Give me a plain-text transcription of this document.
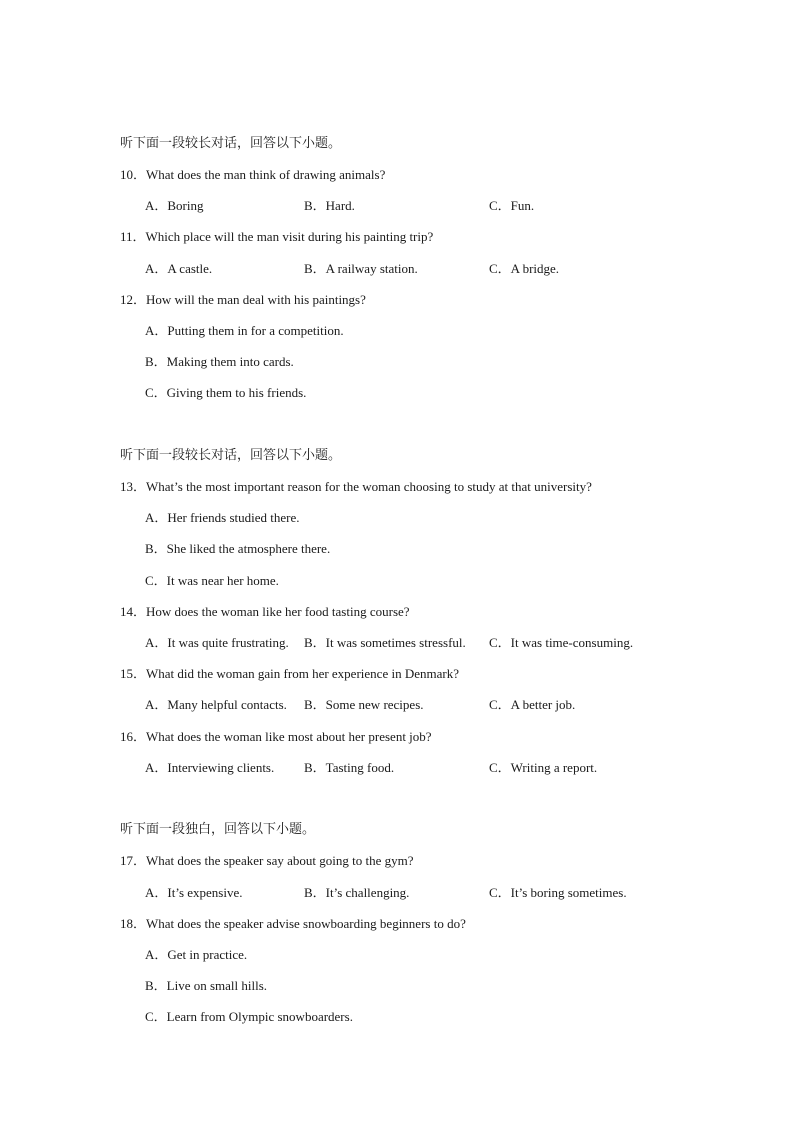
听下面一段较长对话，回答以下小题。
10．What does the man think of drawing animals?
A．Boring	B．Hard.	C．Fun.
11．Which place will the man visit during his painting trip?
A．A castle.	B．A railway station.	C．A bridge.
12．How will the man deal with his paintings?
A．Putting them in for a competition.
B．Making them into cards.
C．Giving them to his friends.
听下面一段较长对话，回答以下小题。
13．What’s the most important reason for the woman choosing to study at that university?
A．Her friends studied there.
B．She liked the atmosphere there.
C．It was near her home.
14．How does the woman like her food tasting course?
A．It was quite frustrating. B．It was sometimes stressful. C．It was time-consuming.
15．What did the woman gain from her experience in Denmark?
A．Many helpful contacts. B．Some new recipes.	C．A better job.
16．What does the woman like most about her present job?
A．Interviewing clients. B．Tasting food.	C．Writing a report.
听下面一段独白，回答以下小题。
17．What does the speaker say about going to the gym?
A．It’s expensive.	B．It’s challenging.	C．It’s boring sometimes.
18．What does the speaker advise snowboarding beginners to do?
A．Get in practice.
B．Live on small hills.
C．Learn from Olympic snowboarders.
